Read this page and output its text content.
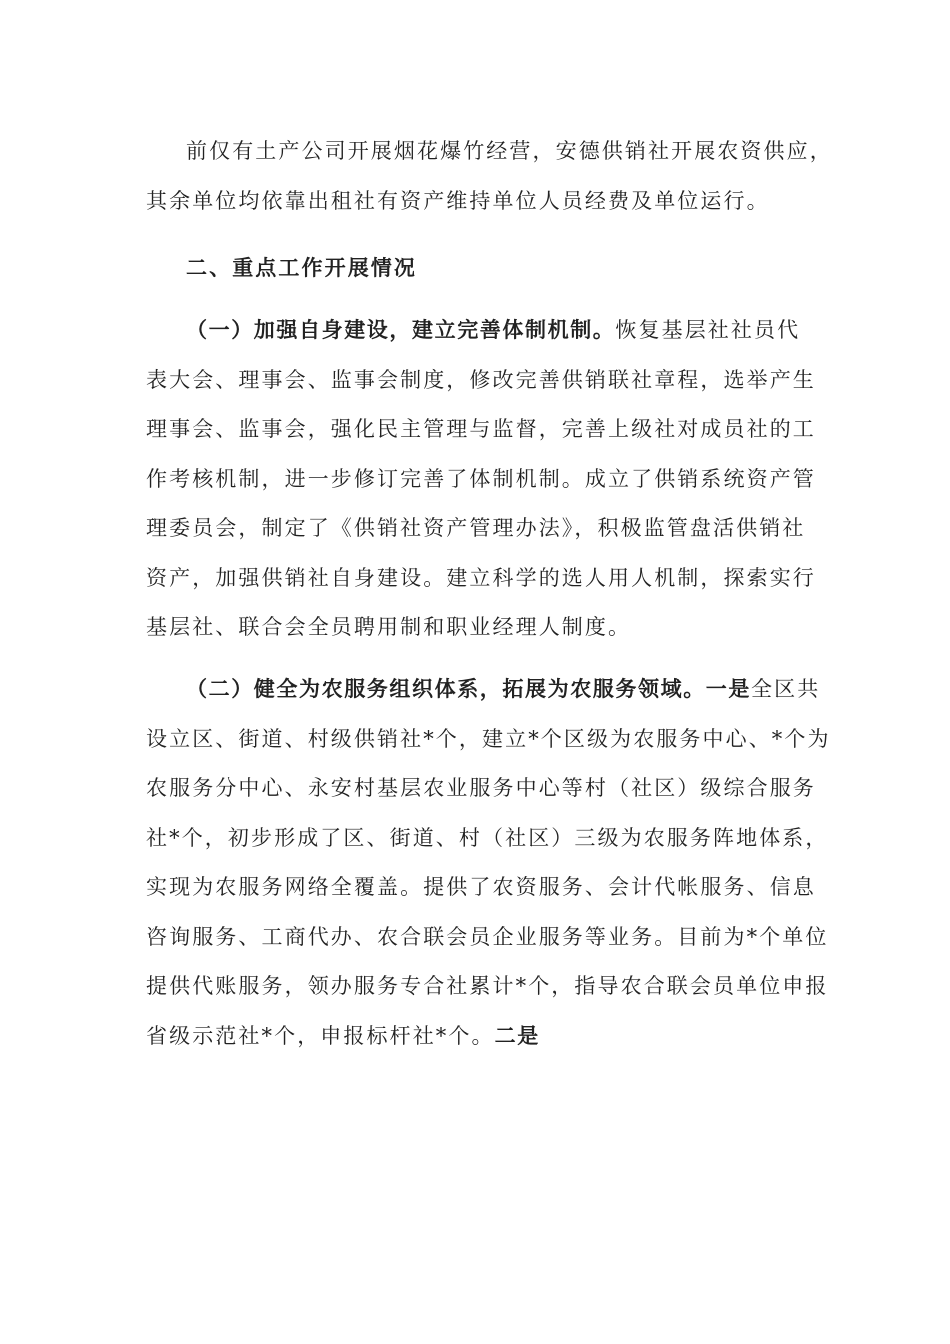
前仅有土产公司开展烟花爆竹经营，安德供销社开展农资供应，
其余单位均依靠出租社有资产维持单位人员经费及单位运行。
二、重点工作开展情况
（一）加强自身建设，建立完善体制机制。恢复基层社社员代
表大会、理事会、监事会制度，修改完善供销联社章程，选举产生
理事会、监事会，强化民主管理与监督，完善上级社对成员社的工
作考核机制，进一步修订完善了体制机制。成立了供销系统资产管
理委员会，制定了《供销社资产管理办法》，积极监管盘活供销社
资产，加强供销社自身建设。建立科学的选人用人机制，探索实行
基层社、联合会全员聘用制和职业经理人制度。
（二）健全为农服务组织体系，拓展为农服务领域。一是全区共
设立区、街道、村级供销社*个，建立*个区级为农服务中心、*个为
农服务分中心、永安村基层农业服务中心等村（社区）级综合服务
社*个，初步形成了区、街道、村（社区）三级为农服务阵地体系，
实现为农服务网络全覆盖。提供了农资服务、会计代帐服务、信息
咨询服务、工商代办、农合联会员企业服务等业务。目前为*个单位
提供代账服务，领办服务专合社累计*个，指导农合联会员单位申报
省级示范社*个，申报标杆社*个。二是
